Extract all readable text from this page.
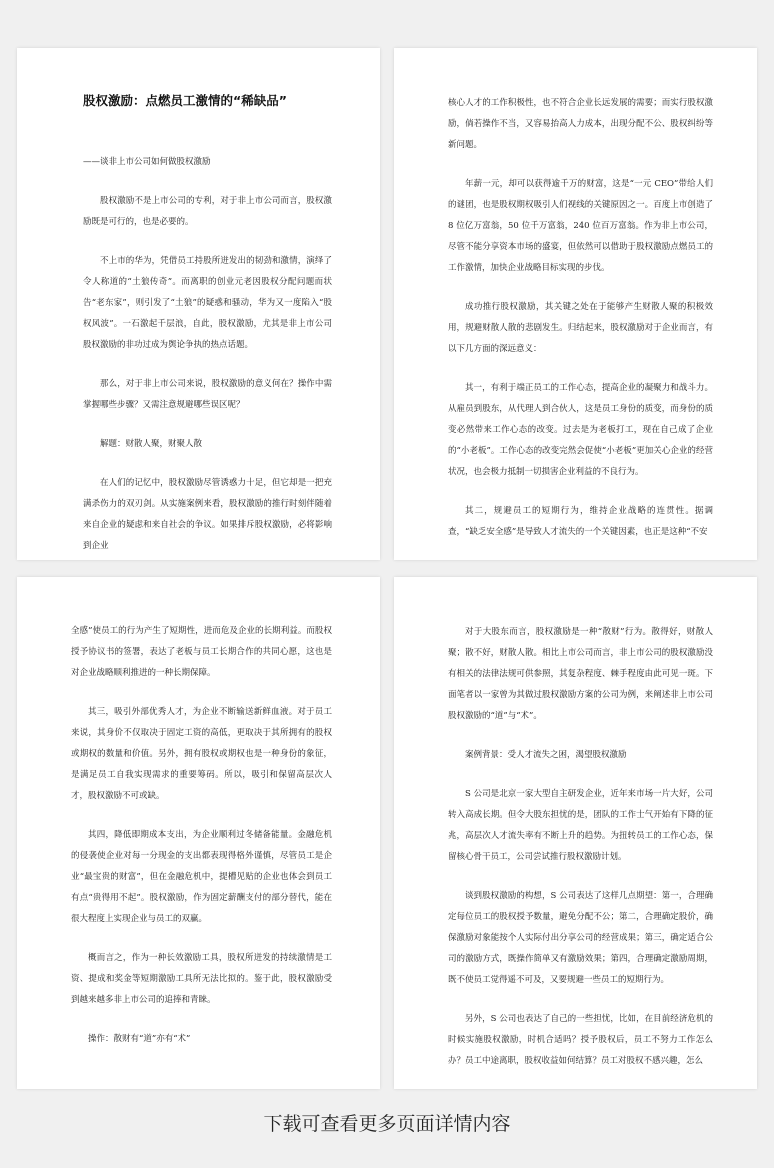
股权激励：点燃员工激情的“稀缺品”
——谈非上市公司如何做股权激励

股权激励不是上市公司的专利，对于非上市公司而言，股权激励既是可行的，也是必要的。

不上市的华为，凭借员工持股所迸发出的韧劲和激情，演绎了令人称道的“土狼传奇”。而离职的创业元老因股权分配问题而状告“老东家”，则引发了“土狼”的疑惑和骚动，华为又一度陷入“股权风波”。一石激起千层浪，自此，股权激励，尤其是非上市公司股权激励的非功过成为舆论争执的热点话题。

那么，对于非上市公司来说，股权激励的意义何在？操作中需掌握哪些步骤？又需注意规避哪些误区呢？

解题：财散人聚，财聚人散

在人们的记忆中，股权激励尽管诱惑力十足，但它却是一把充满杀伤力的双刃剑。从实施案例来看，股权激励的推行时刻伴随着来自企业的疑虑和来自社会的争议。如果排斥股权激励，必将影响到企业

核心人才的工作积极性，也不符合企业长远发展的需要；而实行股权激励，倘若操作不当，又容易抬高人力成本，出现分配不公、股权纠纷等新问题。

年薪一元，却可以获得逾千万的财富，这是“一元 CEO”带给人们的谜团，也是股权期权吸引人们视线的关键原因之一。百度上市创造了 8 位亿万富翁，50 位千万富翁，240 位百万富翁。作为非上市公司，尽管不能分享资本市场的盛宴，但依然可以借助于股权激励点燃员工的工作激情，加快企业战略目标实现的步伐。

成功推行股权激励，其关键之处在于能够产生财散人聚的积极效用，规避财散人散的悲剧发生。归结起来，股权激励对于企业而言，有以下几方面的深远意义：

其一，有利于端正员工的工作心态，提高企业的凝聚力和战斗力。从雇员到股东，从代理人到合伙人，这是员工身份的质变，而身份的质变必然带来工作心态的改变。过去是为老板打工，现在自己成了企业的“小老板”。工作心态的改变完然会促使“小老板”更加关心企业的经营状况，也会极力抵制一切损害企业利益的不良行为。

其二，规避员工的短期行为，维持企业战略的连贯性。据调查，“缺乏安全感”是导致人才流失的一个关键因素，也正是这种“不安

全感”使员工的行为产生了短期性，进而危及企业的长期利益。而股权授予协议书的签署，表达了老板与员工长期合作的共同心愿，这也是对企业战略顺利推进的一种长期保障。

其三，吸引外部优秀人才，为企业不断输送新鲜血液。对于员工来说，其身价不仅取决于固定工资的高低，更取决于其所拥有的股权或期权的数量和价值。另外，拥有股权或期权也是一种身份的象征，是满足员工自我实现需求的重要筹码。所以，吸引和保留高层次人才，股权激励不可或缺。

其四，降低即期成本支出，为企业顺利过冬储备能量。金融危机的侵袭使企业对每一分现金的支出都表现得格外谨慎，尽管员工是企业“最宝贵的财富”，但在金融危机中，提槽见贴的企业也体会到员工有点“贵得用不起”。股权激励，作为固定薪酬支付的部分替代，能在很大程度上实现企业与员工的双赢。

概而言之，作为一种长效激励工具，股权所迸发的持续激情是工资、提成和奖金等短期激励工具所无法比拟的。鉴于此，股权激励受到越来越多非上市公司的追捧和青睐。

操作：散财有“道”亦有“术”

对于大股东而言，股权激励是一种“散财”行为。散得好，财散人聚；散不好，财散人散。相比上市公司而言，非上市公司的股权激励没有相关的法律法规可供参照，其复杂程度、棘手程度由此可见一斑。下面笔者以一家曾为其做过股权激励方案的公司为例，来阐述非上市公司股权激励的“道”与“术”。

案例背景：受人才流失之困，渴望股权激励

S 公司是北京一家大型自主研发企业，近年来市场一片大好，公司转入高成长期。但令大股东担忧的是，团队的工作士气开始有下降的征兆，高层次人才流失率有不断上升的趋势。为扭转员工的工作心态，保留核心骨干员工，公司尝试推行股权激励计划。

谈到股权激励的构想，S 公司表达了这样几点期望：第一，合理确定每位员工的股权授予数量，避免分配不公；第二，合理确定股价，确保激励对象能按个人实际付出分享公司的经营成果；第三，确定适合公司的激励方式，既操作简单又有激励效果；第四，合理确定激励周期，既不使员工觉得遥不可及，又要规避一些员工的短期行为。

另外，S 公司也表达了自己的一些担忧，比如，在目前经济危机的时候实施股权激励，时机合适吗？授予股权后，员工不努力工作怎么办？员工中途离职，股权收益如何结算？员工对股权不感兴趣，怎么

下载可查看更多页面详情内容
